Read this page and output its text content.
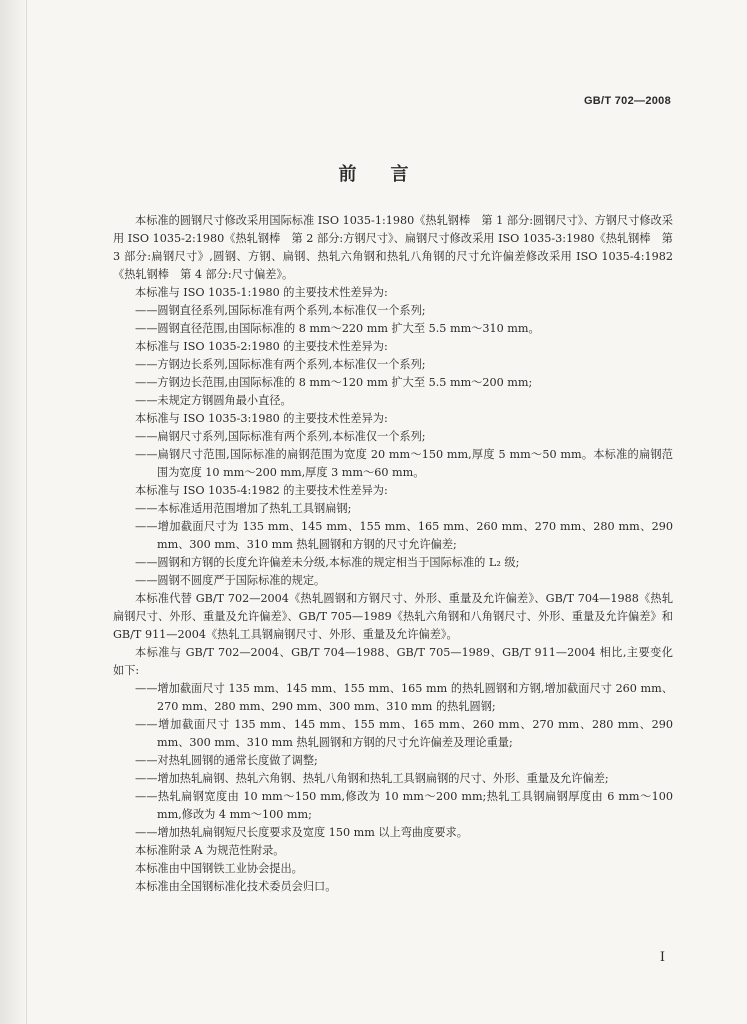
GB/T 702—2008
前言
本标准的圆钢尺寸修改采用国际标准 ISO 1035-1:1980《热轧钢棒　第 1 部分:圆钢尺寸》、方钢尺寸修改采用 ISO 1035-2:1980《热轧钢棒　第 2 部分:方钢尺寸》、扁钢尺寸修改采用 ISO 1035-3:1980《热轧钢棒　第 3 部分:扁钢尺寸》,圆钢、方钢、扁钢、热轧六角钢和热轧八角钢的尺寸允许偏差修改采用 ISO 1035-4:1982《热轧钢棒　第 4 部分:尺寸偏差》。
本标准与 ISO 1035-1:1980 的主要技术性差异为:
——圆钢直径系列,国际标准有两个系列,本标准仅一个系列;
——圆钢直径范围,由国际标准的 8 mm～220 mm 扩大至 5.5 mm～310 mm。
本标准与 ISO 1035-2:1980 的主要技术性差异为:
——方钢边长系列,国际标准有两个系列,本标准仅一个系列;
——方钢边长范围,由国际标准的 8 mm～120 mm 扩大至 5.5 mm～200 mm;
——未规定方钢圆角最小直径。
本标准与 ISO 1035-3:1980 的主要技术性差异为:
——扁钢尺寸系列,国际标准有两个系列,本标准仅一个系列;
——扁钢尺寸范围,国际标准的扁钢范围为宽度 20 mm～150 mm,厚度 5 mm～50 mm。本标准的扁钢范围为宽度 10 mm～200 mm,厚度 3 mm～60 mm。
本标准与 ISO 1035-4:1982 的主要技术性差异为:
——本标准适用范围增加了热轧工具钢扁钢;
——增加截面尺寸为 135 mm、145 mm、155 mm、165 mm、260 mm、270 mm、280 mm、290 mm、300 mm、310 mm 热轧圆钢和方钢的尺寸允许偏差;
——圆钢和方钢的长度允许偏差未分级,本标准的规定相当于国际标准的 L₂ 级;
——圆钢不圆度严于国际标准的规定。
本标准代替 GB/T 702—2004《热轧圆钢和方钢尺寸、外形、重量及允许偏差》、GB/T 704—1988《热轧扁钢尺寸、外形、重量及允许偏差》、GB/T 705—1989《热轧六角钢和八角钢尺寸、外形、重量及允许偏差》和 GB/T 911—2004《热轧工具钢扁钢尺寸、外形、重量及允许偏差》。
本标准与 GB/T 702—2004、GB/T 704—1988、GB/T 705—1989、GB/T 911—2004 相比,主要变化如下:
——增加截面尺寸 135 mm、145 mm、155 mm、165 mm 的热轧圆钢和方钢,增加截面尺寸 260 mm、270 mm、280 mm、290 mm、300 mm、310 mm 的热轧圆钢;
——增加截面尺寸 135 mm、145 mm、155 mm、165 mm、260 mm、270 mm、280 mm、290 mm、300 mm、310 mm 热轧圆钢和方钢的尺寸允许偏差及理论重量;
——对热轧圆钢的通常长度做了调整;
——增加热轧扁钢、热轧六角钢、热轧八角钢和热轧工具钢扁钢的尺寸、外形、重量及允许偏差;
——热轧扁钢宽度由 10 mm～150 mm,修改为 10 mm～200 mm;热轧工具钢扁钢厚度由 6 mm～100 mm,修改为 4 mm～100 mm;
——增加热轧扁钢短尺长度要求及宽度 150 mm 以上弯曲度要求。
本标准附录 A 为规范性附录。
本标准由中国钢铁工业协会提出。
本标准由全国钢标准化技术委员会归口。
I
